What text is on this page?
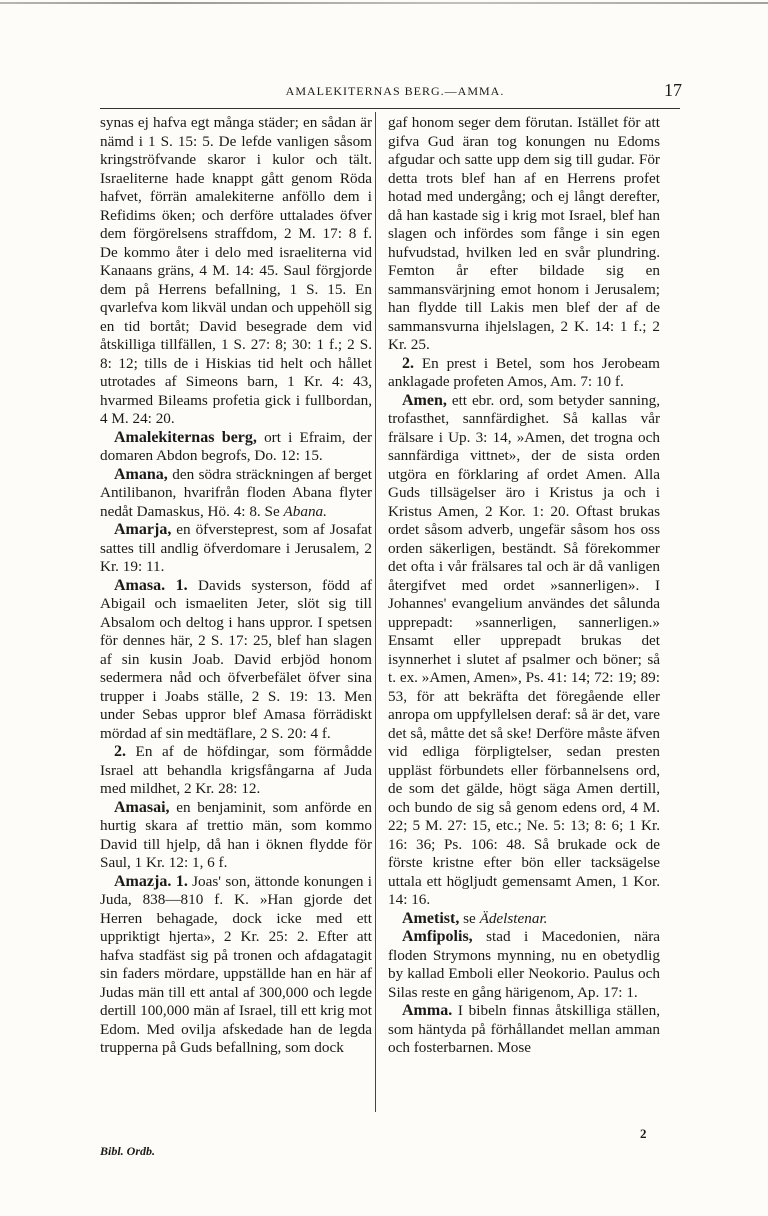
AMALEKITERNAS BERG.—AMMA.	17

synas ej hafva egt många städer; en sådan är nämd i 1 S. 15: 5. De lefde vanligen såsom kringströfvande skaror i kulor och tält. Israeliterne hade knappt gått genom Röda hafvet, förrän amalekiterne anföllo dem i Refidims öken; och derföre uttalades öfver dem förgörelsens straffdom, 2 M. 17: 8 f. De kommo åter i delo med israeliterna vid Kanaans gräns, 4 M. 14: 45. Saul förgjorde dem på Herrens befallning, 1 S. 15. En qvarlefva kom likväl undan och uppehöll sig en tid bortåt; David besegrade dem vid åtskilliga tillfällen, 1 S. 27: 8; 30: 1 f.; 2 S. 8: 12; tills de i Hiskias tid helt och hållet utrotades af Simeons barn, 1 Kr. 4: 43, hvarmed Bileams profetia gick i fullbordan, 4 M. 24: 20.

Amalekiternas berg, ort i Efraim, der domaren Abdon begrofs, Do. 12: 15.

Amana, den södra sträckningen af berget Antilibanon, hvarifrån floden Abana flyter nedåt Damaskus, Hö. 4: 8. Se Abana.

Amarja, en öfversteprest, som af Josafat sattes till andlig öfverdomare i Jerusalem, 2 Kr. 19: 11.

Amasa. 1. Davids systerson, född af Abigail och ismaeliten Jeter, slöt sig till Absalom och deltog i hans uppror. I spetsen för dennes här, 2 S. 17: 25, blef han slagen af sin kusin Joab. David erbjöd honom sedermera nåd och öfverbefälet öfver sina trupper i Joabs ställe, 2 S. 19: 13. Men under Sebas uppror blef Amasa förrädiskt mördad af sin medtäflare, 2 S. 20: 4 f.

2. En af de höfdingar, som förmådde Israel att behandla krigsfångarna af Juda med mildhet, 2 Kr. 28: 12.

Amasai, en benjaminit, som anförde en hurtig skara af trettio män, som kommo David till hjelp, då han i öknen flydde för Saul, 1 Kr. 12: 1, 6 f.

Amazja. 1. Joas' son, ättonde konungen i Juda, 838—810 f. K. »Han gjorde det Herren behagade, dock icke med ett uppriktigt hjerta», 2 Kr. 25: 2. Efter att hafva stadfäst sig på tronen och afdagatagit sin faders mördare, uppställde han en här af Judas män till ett antal af 300,000 och legde dertill 100,000 män af Israel, till ett krig mot Edom. Med ovilja afskedade han de legda trupperna på Guds befallning, som dock

gaf honom seger dem förutan. Istället för att gifva Gud äran tog konungen nu Edoms afgudar och satte upp dem sig till gudar. För detta trots blef han af en Herrens profet hotad med undergång; och ej långt derefter, då han kastade sig i krig mot Israel, blef han slagen och infördes som fånge i sin egen hufvudstad, hvilken led en svår plundring. Femton år efter bildade sig en sammansvärjning emot honom i Jerusalem; han flydde till Lakis men blef der af de sammansvurna ihjelslagen, 2 K. 14: 1 f.; 2 Kr. 25.

2. En prest i Betel, som hos Jerobeam anklagade profeten Amos, Am. 7: 10 f.

Amen, ett ebr. ord, som betyder sanning, trofasthet, sannfärdighet. Så kallas vår frälsare i Up. 3: 14, »Amen, det trogna och sannfärdiga vittnet», der de sista orden utgöra en förklaring af ordet Amen. Alla Guds tillsägelser äro i Kristus ja och i Kristus Amen, 2 Kor. 1: 20. Oftast brukas ordet såsom adverb, ungefär såsom hos oss orden säkerligen, beständt. Så förekommer det ofta i vår frälsares tal och är då vanligen återgifvet med ordet »sannerligen». I Johannes' evangelium användes det sålunda upprepadt: »sannerligen, sannerligen.» Ensamt eller upprepadt brukas det isynnerhet i slutet af psalmer och böner; så t. ex. »Amen, Amen», Ps. 41: 14; 72: 19; 89: 53, för att bekräfta det föregående eller anropa om uppfyllelsen deraf: så är det, vare det så, måtte det så ske! Derföre måste äfven vid edliga förpligtelser, sedan presten uppläst förbundets eller förbannelsens ord, de som det gälde, högt säga Amen dertill, och bundo de sig så genom edens ord, 4 M. 22; 5 M. 27: 15, etc.; Ne. 5: 13; 8: 6; 1 Kr. 16: 36; Ps. 106: 48. Så brukade ock de förste kristne efter bön eller tacksägelse uttala ett högljudt gemensamt Amen, 1 Kor. 14: 16.

Ametist, se Ädelstenar.

Amfipolis, stad i Macedonien, nära floden Strymons mynning, nu en obetydlig by kallad Emboli eller Neokorio. Paulus och Silas reste en gång härigenom, Ap. 17: 1.

Amma. I bibeln finnas åtskilliga ställen, som häntyda på förhållandet mellan amman och fosterbarnen. Mose

Bibl. Ordb.
2
